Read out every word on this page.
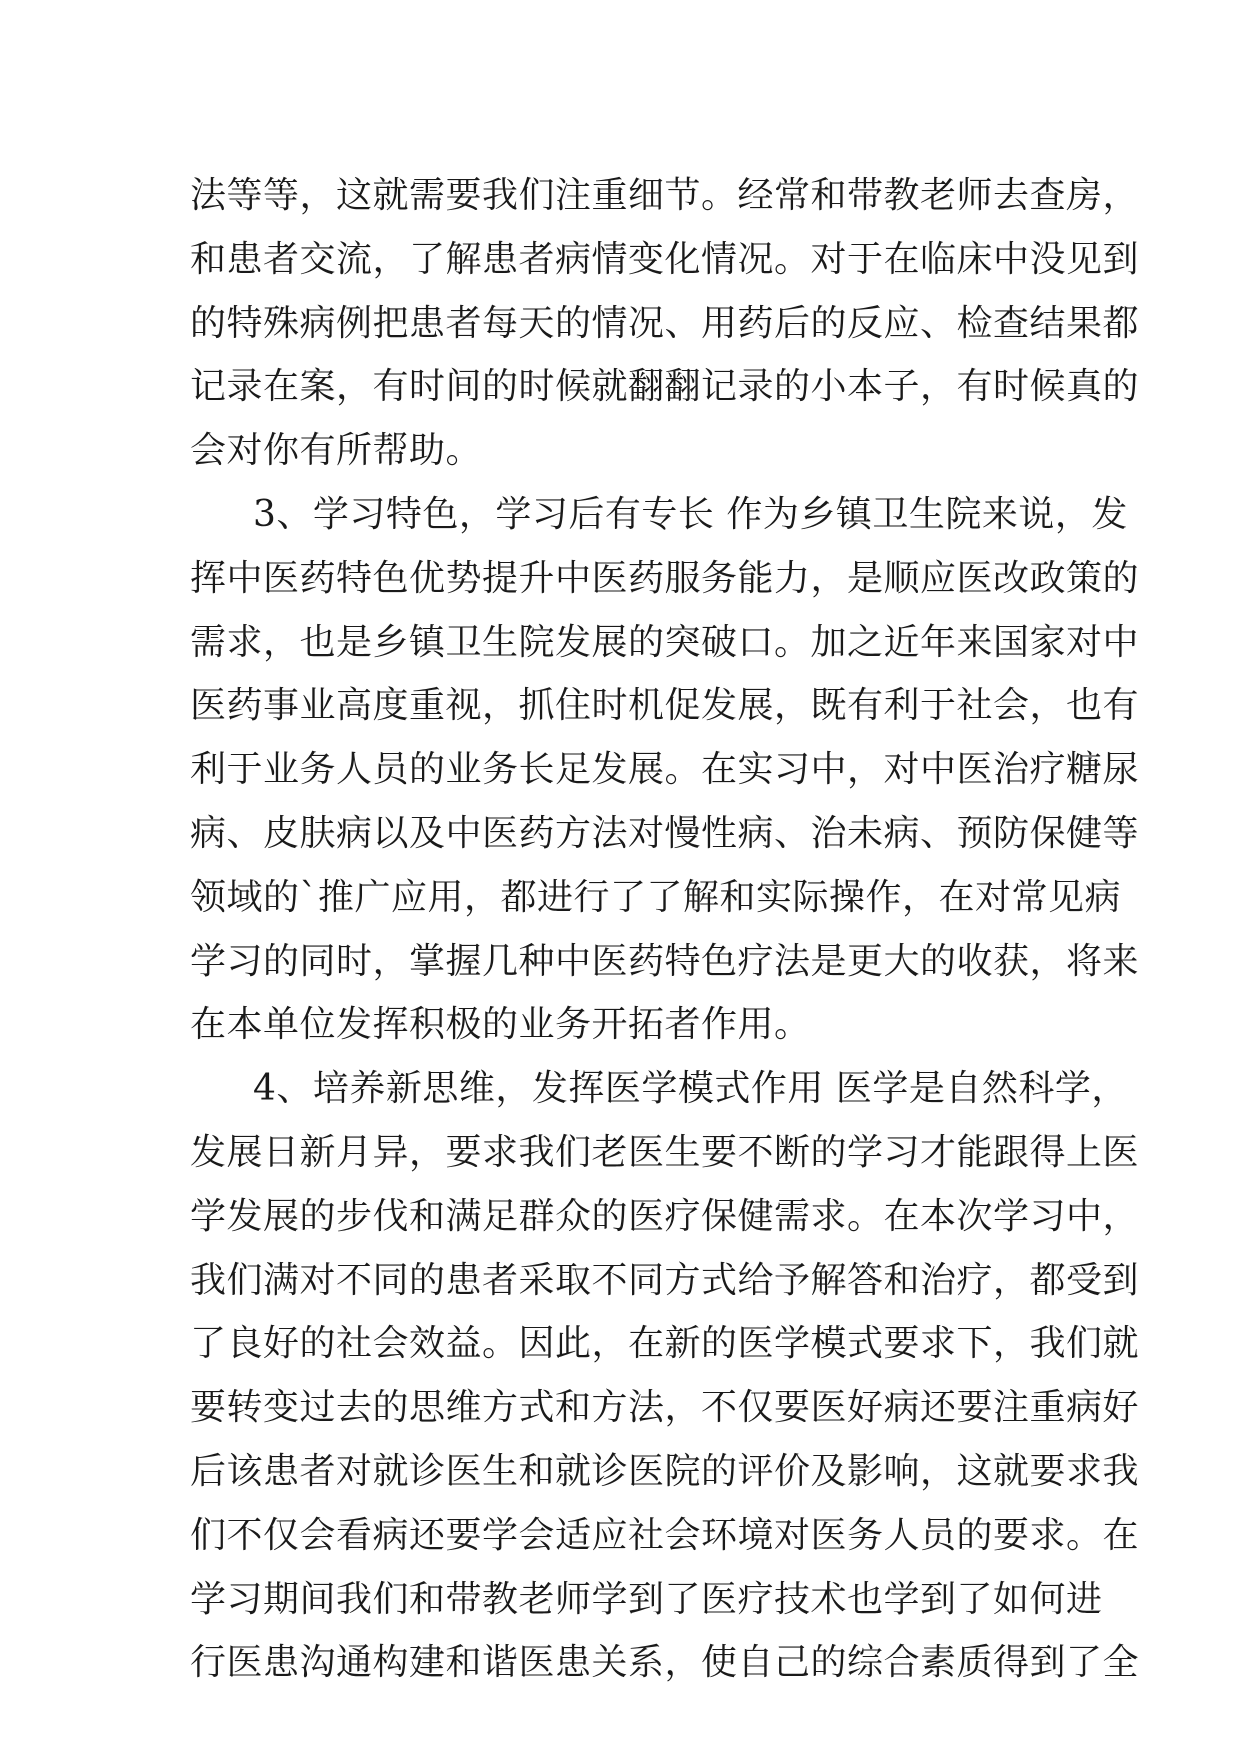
法等等，这就需要我们注重细节。经常和带教老师去查房，
和患者交流，了解患者病情变化情况。对于在临床中没见到
的特殊病例把患者每天的情况、用药后的反应、检查结果都
记录在案，有时间的时候就翻翻记录的小本子，有时候真的
会对你有所帮助。
3、学习特色，学习后有专长 作为乡镇卫生院来说，发
挥中医药特色优势提升中医药服务能力，是顺应医改政策的
需求，也是乡镇卫生院发展的突破口。加之近年来国家对中
医药事业高度重视，抓住时机促发展，既有利于社会，也有
利于业务人员的业务长足发展。在实习中，对中医治疗糖尿
病、皮肤病以及中医药方法对慢性病、治未病、预防保健等
领域的`推广应用，都进行了了解和实际操作，在对常见病
学习的同时，掌握几种中医药特色疗法是更大的收获，将来
在本单位发挥积极的业务开拓者作用。
4、培养新思维，发挥医学模式作用 医学是自然科学，
发展日新月异，要求我们老医生要不断的学习才能跟得上医
学发展的步伐和满足群众的医疗保健需求。在本次学习中，
我们满对不同的患者采取不同方式给予解答和治疗，都受到
了良好的社会效益。因此，在新的医学模式要求下，我们就
要转变过去的思维方式和方法，不仅要医好病还要注重病好
后该患者对就诊医生和就诊医院的评价及影响，这就要求我
们不仅会看病还要学会适应社会环境对医务人员的要求。在
学习期间我们和带教老师学到了医疗技术也学到了如何进
行医患沟通构建和谐医患关系，使自己的综合素质得到了全
